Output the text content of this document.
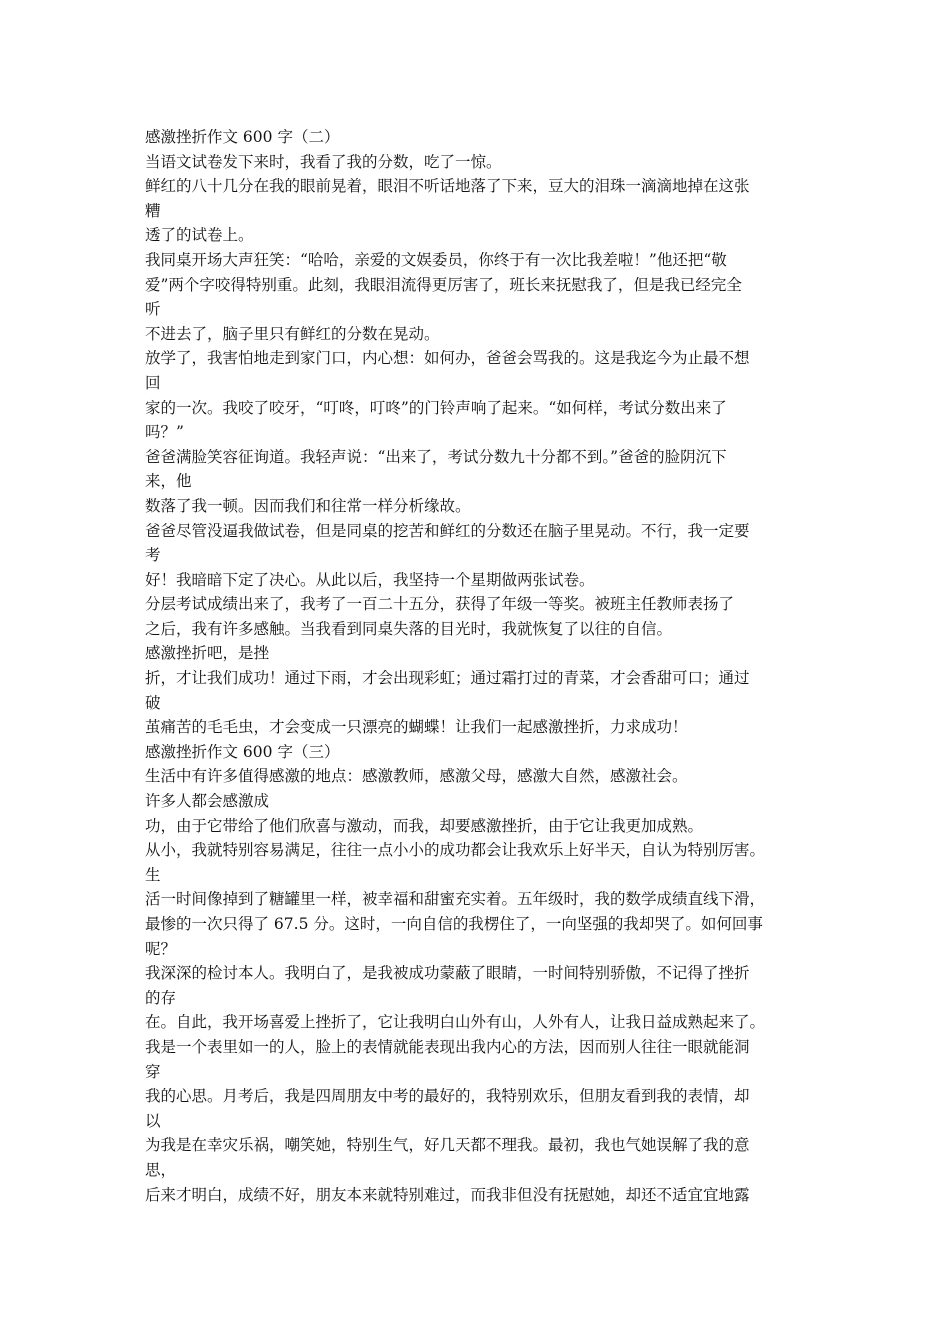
感激挫折作文 600 字（二）
当语文试卷发下来时，我看了我的分数，吃了一惊。
鲜红的八十几分在我的眼前晃着，眼泪不听话地落了下来，豆大的泪珠一滴滴地掉在这张
糟
透了的试卷上。
我同桌开场大声狂笑：“哈哈，亲爱的文娱委员，你终于有一次比我差啦！”他还把“敬
爱”两个字咬得特别重。此刻，我眼泪流得更厉害了，班长来抚慰我了，但是我已经完全
听
不进去了，脑子里只有鲜红的分数在晃动。
放学了，我害怕地走到家门口，内心想：如何办，爸爸会骂我的。这是我迄今为止最不想
回
家的一次。我咬了咬牙，“叮咚，叮咚”的门铃声响了起来。“如何样，考试分数出来了
吗？”
爸爸满脸笑容征询道。我轻声说：“出来了，考试分数九十分都不到。”爸爸的脸阴沉下
来，他
数落了我一顿。因而我们和往常一样分析缘故。
爸爸尽管没逼我做试卷，但是同桌的挖苦和鲜红的分数还在脑子里晃动。不行，我一定要
考
好！我暗暗下定了决心。从此以后，我坚持一个星期做两张试卷。
分层考试成绩出来了，我考了一百二十五分，获得了年级一等奖。被班主任教师表扬了
之后，我有许多感触。当我看到同桌失落的目光时，我就恢复了以往的自信。
感激挫折吧，是挫
折，才让我们成功！通过下雨，才会出现彩虹；通过霜打过的青菜，才会香甜可口；通过
破
茧痛苦的毛毛虫，才会变成一只漂亮的蝴蝶！让我们一起感激挫折，力求成功！
感激挫折作文 600 字（三）
生活中有许多值得感激的地点：感激教师，感激父母，感激大自然，感激社会。
许多人都会感激成
功，由于它带给了他们欣喜与激动，而我，却要感激挫折，由于它让我更加成熟。
从小，我就特别容易满足，往往一点小小的成功都会让我欢乐上好半天，自认为特别厉害。
生
活一时间像掉到了糖罐里一样，被幸福和甜蜜充实着。五年级时，我的数学成绩直线下滑，
最惨的一次只得了 67.5 分。这时，一向自信的我楞住了，一向坚强的我却哭了。如何回事
呢？
我深深的检讨本人。我明白了，是我被成功蒙蔽了眼睛，一时间特别骄傲，不记得了挫折
的存
在。自此，我开场喜爱上挫折了，它让我明白山外有山，人外有人，让我日益成熟起来了。
我是一个表里如一的人，脸上的表情就能表现出我内心的方法，因而别人往往一眼就能洞
穿
我的心思。月考后，我是四周朋友中考的最好的，我特别欢乐，但朋友看到我的表情，却
以
为我是在幸灾乐祸，嘲笑她，特别生气，好几天都不理我。最初，我也气她误解了我的意
思，
后来才明白，成绩不好，朋友本来就特别难过，而我非但没有抚慰她，却还不适宜宜地露
